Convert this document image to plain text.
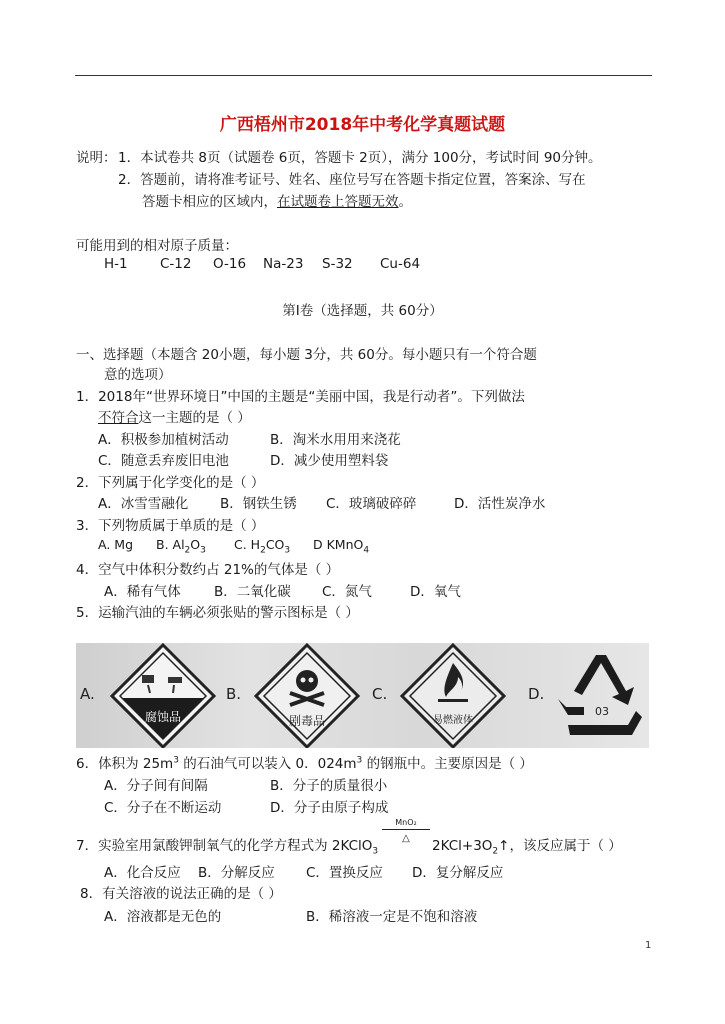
广西梧州市2018年中考化学真题试题
说明： 1．本试卷共 8页（试题卷 6页，答题卡 2页），满分 100分，考试时间 90分钟。
2．答题前，请将准考证号、姓名、座位号写在答题卡指定位置，答案涂、写在
答题卡相应的区域内，在试题卷上答题无效。
可能用到的相对原子质量：
H-1 C-12 O-16 Na-23 S-32 Cu-64
第Ⅰ卷（选择题，共 60分）
一、选择题（本题含 20小题，每小题 3分，共 60分。每小题只有一个符合题
意的选项）
1．2018年“世界环境日”中国的主题是“美丽中国，我是行动者”。下列做法
不符合这一主题的是（ ）
A．积极参加植树活动	B．淘米水用用来浇花
C．随意丢弃废旧电池	D．减少使用塑料袋
2．下列属于化学变化的是（ ）
A．冰雪雪融化 B．钢铁生锈 C．玻璃破碎碎	D．活性炭净水
3．下列物质属于单质的是（ ）
A. Mg B. $Al_2O_3$ C. $H_2CO_3$ D KMnO$_4$
4．空气中体积分数约占 21%的气体是（ ）
A．稀有气体 B．二氧化碳 C．氮气	D．氧气
5．运输汽油的车辆必须张贴的警示图标是（ ）
A.
腐蚀品
B.
剧毒品
C.
易燃液体
D.
03
6．体积为 $25m^3$ 的石油气可以装入 0．$024m^3$ 的钢瓶中。主要原因是（ ）
A．分子间有间隔	B．分子的质量很小
C．分子在不断运动	D．分子由原子构成
7．实验室用氯酸钾制氧气的化学方程式为 2KClO$_3$
MnO₂
△	$2KCl+3O_2↑$，该反应属于（ ）
A．化合反应 B．分解反应 C．置换反应 D．复分解反应
8．有关溶液的说法正确的是（ ）
A．溶液都是无色的	B．稀溶液一定是不饱和溶液
1
